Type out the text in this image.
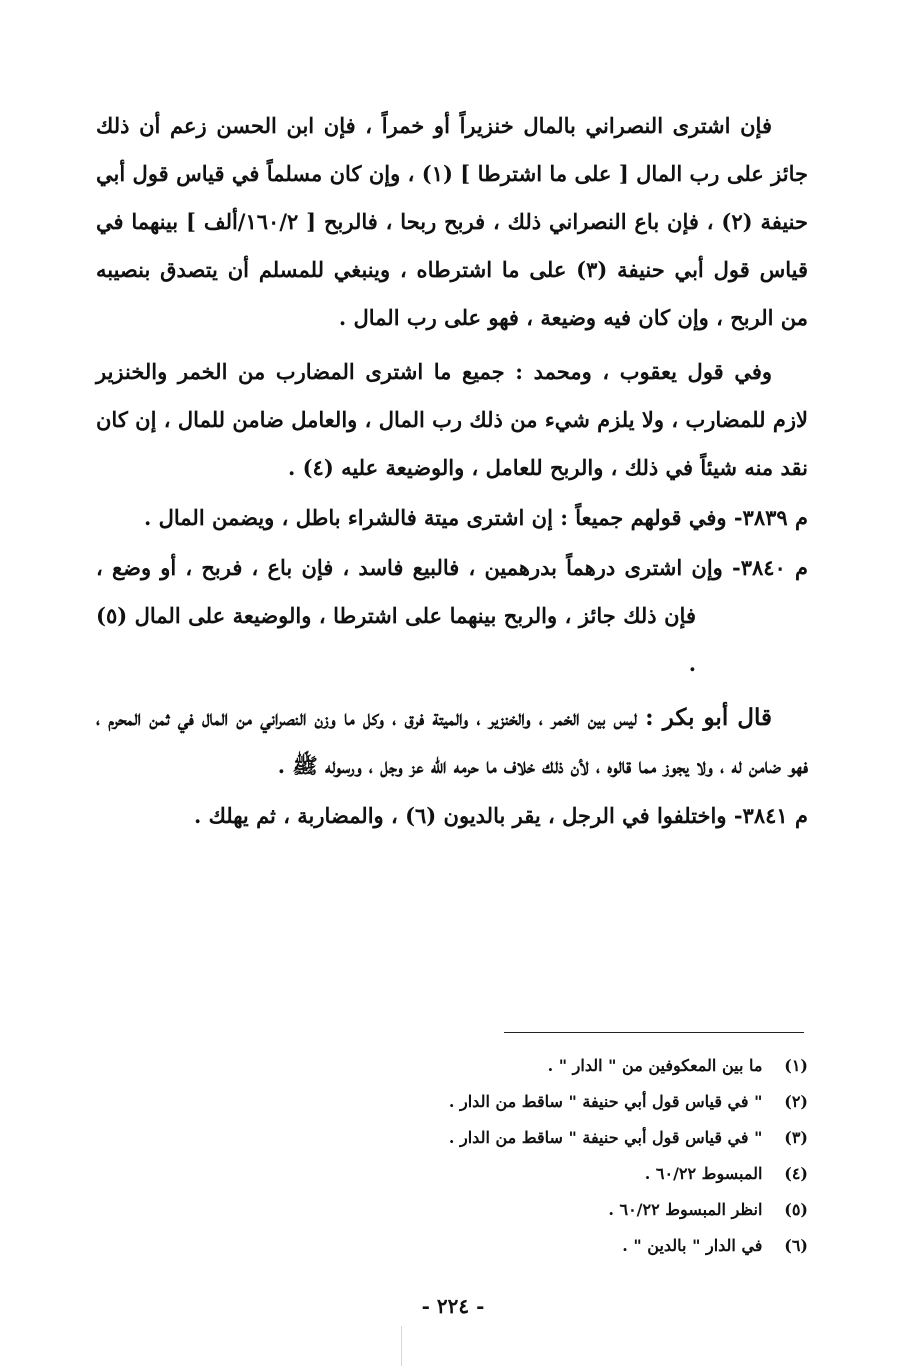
فإن اشترى النصراني بالمال خنزيراً أو خمراً ، فإن ابن الحسن زعم أن ذلك جائز على رب المال [ على ما اشترطا ] (١) ، وإن كان مسلماً في قياس قول أبي حنيفة (٢) ، فإن باع النصراني ذلك ، فربح ربحا ، فالربح [ ١٦٠/٢/ألف ] بينهما في قياس قول أبي حنيفة (٣) على ما اشترطاه ، وينبغي للمسلم أن يتصدق بنصيبه من الربح ، وإن كان فيه وضيعة ، فهو على رب المال .

وفي قول يعقوب ، ومحمد : جميع ما اشترى المضارب من الخمر والخنزير لازم للمضارب ، ولا يلزم شيء من ذلك رب المال ، والعامل ضامن للمال ، إن كان نقد منه شيئاً في ذلك ، والربح للعامل ، والوضيعة عليه (٤) .

م ٣٨٣٩- وفي قولهم جميعاً : إن اشترى ميتة فالشراء باطل ، ويضمن المال .

م ٣٨٤٠- وإن اشترى درهماً بدرهمين ، فالبيع فاسد ، فإن باع ، فربح ، أو وضع ، فإن ذلك جائز ، والربح بينهما على اشترطا ، والوضيعة على المال (٥) .

قال أبو بكر : ليس بين الخمر ، والخنزير ، والميتة فرق ، وكل ما وزن النصراني من المال في ثمن المحرم ، فهو ضامن له ، ولا يجوز مما قالوه ، لأن ذلك خلاف ما حرمه الله عز وجل ، ورسوله ﷺ .

م ٣٨٤١- واختلفوا في الرجل ، يقر بالديون (٦) ، والمضاربة ، ثم يهلك .

(١) ما بين المعكوفين من " الدار " .
(٢) " في قياس قول أبي حنيفة " ساقط من الدار .
(٣) " في قياس قول أبي حنيفة " ساقط من الدار .
(٤) المبسوط ٦٠/٢٢ .
(٥) انظر المبسوط ٦٠/٢٢ .
(٦) في الدار " بالدين " .
- ٢٢٤ -
